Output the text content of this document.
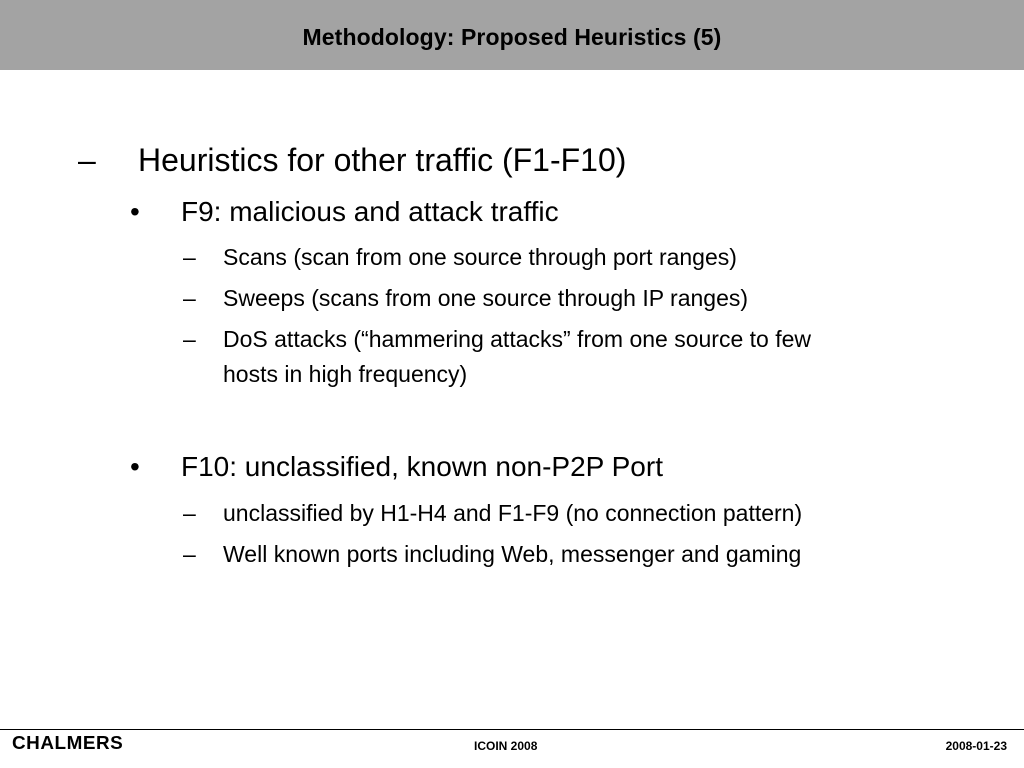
Methodology: Proposed Heuristics (5)
– Heuristics for other traffic (F1-F10)
• F9: malicious and attack traffic
– Scans (scan from one source through port ranges)
– Sweeps (scans from one source through IP ranges)
– DoS attacks (“hammering attacks” from one source to few
hosts in high frequency)
• F10: unclassified, known non-P2P Port
– unclassified by H1-H4 and F1-F9 (no connection pattern)
– Well known ports including Web, messenger and gaming
CHALMERS	ICOIN 2008	2008-01-23
